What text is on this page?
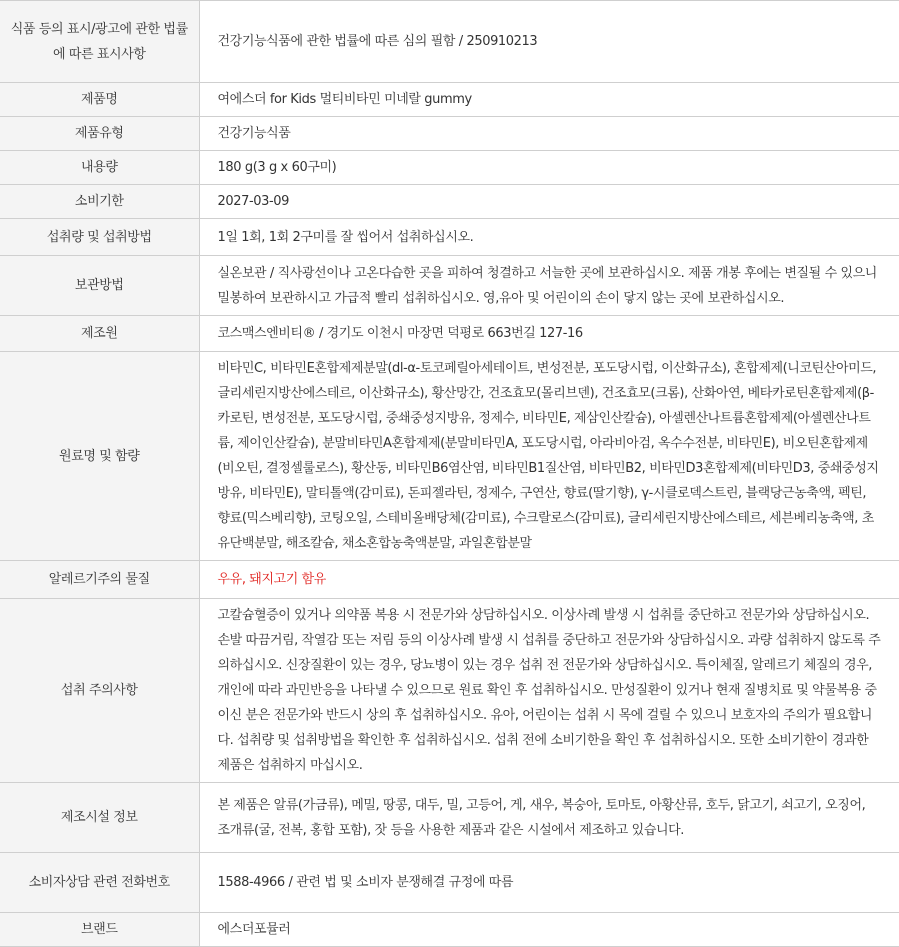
식품 등의 표시/광고에 관한 법률에 따른 표시사항	건강기능식품에 관한 법률에 따른 심의 필함 / 250910213
제품명	여에스더 for Kids 멀티비타민 미네랄 gummy
제품유형	건강기능식품
내용량	180 g(3 g x 60구미)
소비기한	2027-03-09
섭취량 및 섭취방법	1일 1회, 1회 2구미를 잘 씹어서 섭취하십시오.
보관방법	실온보관 / 직사광선이나 고온다습한 곳을 피하여 청결하고 서늘한 곳에 보관하십시오. 제품 개봉 후에는 변질될 수 있으니 밀봉하여 보관하시고 가급적 빨리 섭취하십시오. 영,유아 및 어린이의 손이 닿지 않는 곳에 보관하십시오.
제조원	코스맥스엔비티® / 경기도 이천시 마장면 덕평로 663번길 127-16
원료명 및 함량	비타민C, 비타민E혼합제제분말(dl-α-토코페릴아세테이트, 변성전분, 포도당시럽, 이산화규소), 혼합제제(니코틴산아미드, 글리세린지방산에스테르, 이산화규소), 황산망간, 건조효모(몰리브덴), 건조효모(크롬), 산화아연, 베타카로틴혼합제제(β-카로틴, 변성전분, 포도당시럽, 중쇄중성지방유, 정제수, 비타민E, 제삼인산칼슘), 아셀렌산나트륨혼합제제(아셀렌산나트륨, 제이인산칼슘), 분말비타민A혼합제제(분말비타민A, 포도당시럽, 아라비아검, 옥수수전분, 비타민E), 비오틴혼합제제(비오틴, 결정셀룰로스), 황산동, 비타민B6염산염, 비타민B1질산염, 비타민B2, 비타민D3혼합제제(비타민D3, 중쇄중성지방유, 비타민E), 말티톨액(감미료), 돈피젤라틴, 정제수, 구연산, 향료(딸기향), γ-시클로덱스트린, 블랙당근농축액, 펙틴, 향료(믹스베리향), 코팅오일, 스테비올배당체(감미료), 수크랄로스(감미료), 글리세린지방산에스테르, 세븐베리농축액, 초유단백분말, 해조칼슘, 채소혼합농축액분말, 과일혼합분말
알레르기주의 물질	우유, 돼지고기 함유
섭취 주의사항	고칼슘혈증이 있거나 의약품 복용 시 전문가와 상담하십시오. 이상사례 발생 시 섭취를 중단하고 전문가와 상담하십시오. 손발 따끔거림, 작열감 또는 저림 등의 이상사례 발생 시 섭취를 중단하고 전문가와 상담하십시오. 과량 섭취하지 않도록 주의하십시오. 신장질환이 있는 경우, 당뇨병이 있는 경우 섭취 전 전문가와 상담하십시오. 특이체질, 알레르기 체질의 경우, 개인에 따라 과민반응을 나타낼 수 있으므로 원료 확인 후 섭취하십시오. 만성질환이 있거나 현재 질병치료 및 약물복용 중이신 분은 전문가와 반드시 상의 후 섭취하십시오. 유아, 어린이는 섭취 시 목에 걸릴 수 있으니 보호자의 주의가 필요합니다. 섭취량 및 섭취방법을 확인한 후 섭취하십시오. 섭취 전에 소비기한을 확인 후 섭취하십시오. 또한 소비기한이 경과한 제품은 섭취하지 마십시오.
제조시설 정보	본 제품은 알류(가금류), 메밀, 땅콩, 대두, 밀, 고등어, 게, 새우, 복숭아, 토마토, 아황산류, 호두, 닭고기, 쇠고기, 오징어, 조개류(굴, 전복, 홍합 포함), 잣 등을 사용한 제품과 같은 시설에서 제조하고 있습니다.
소비자상담 관련 전화번호	1588-4966 / 관련 법 및 소비자 분쟁해결 규정에 따름
브랜드	에스더포뮬러
